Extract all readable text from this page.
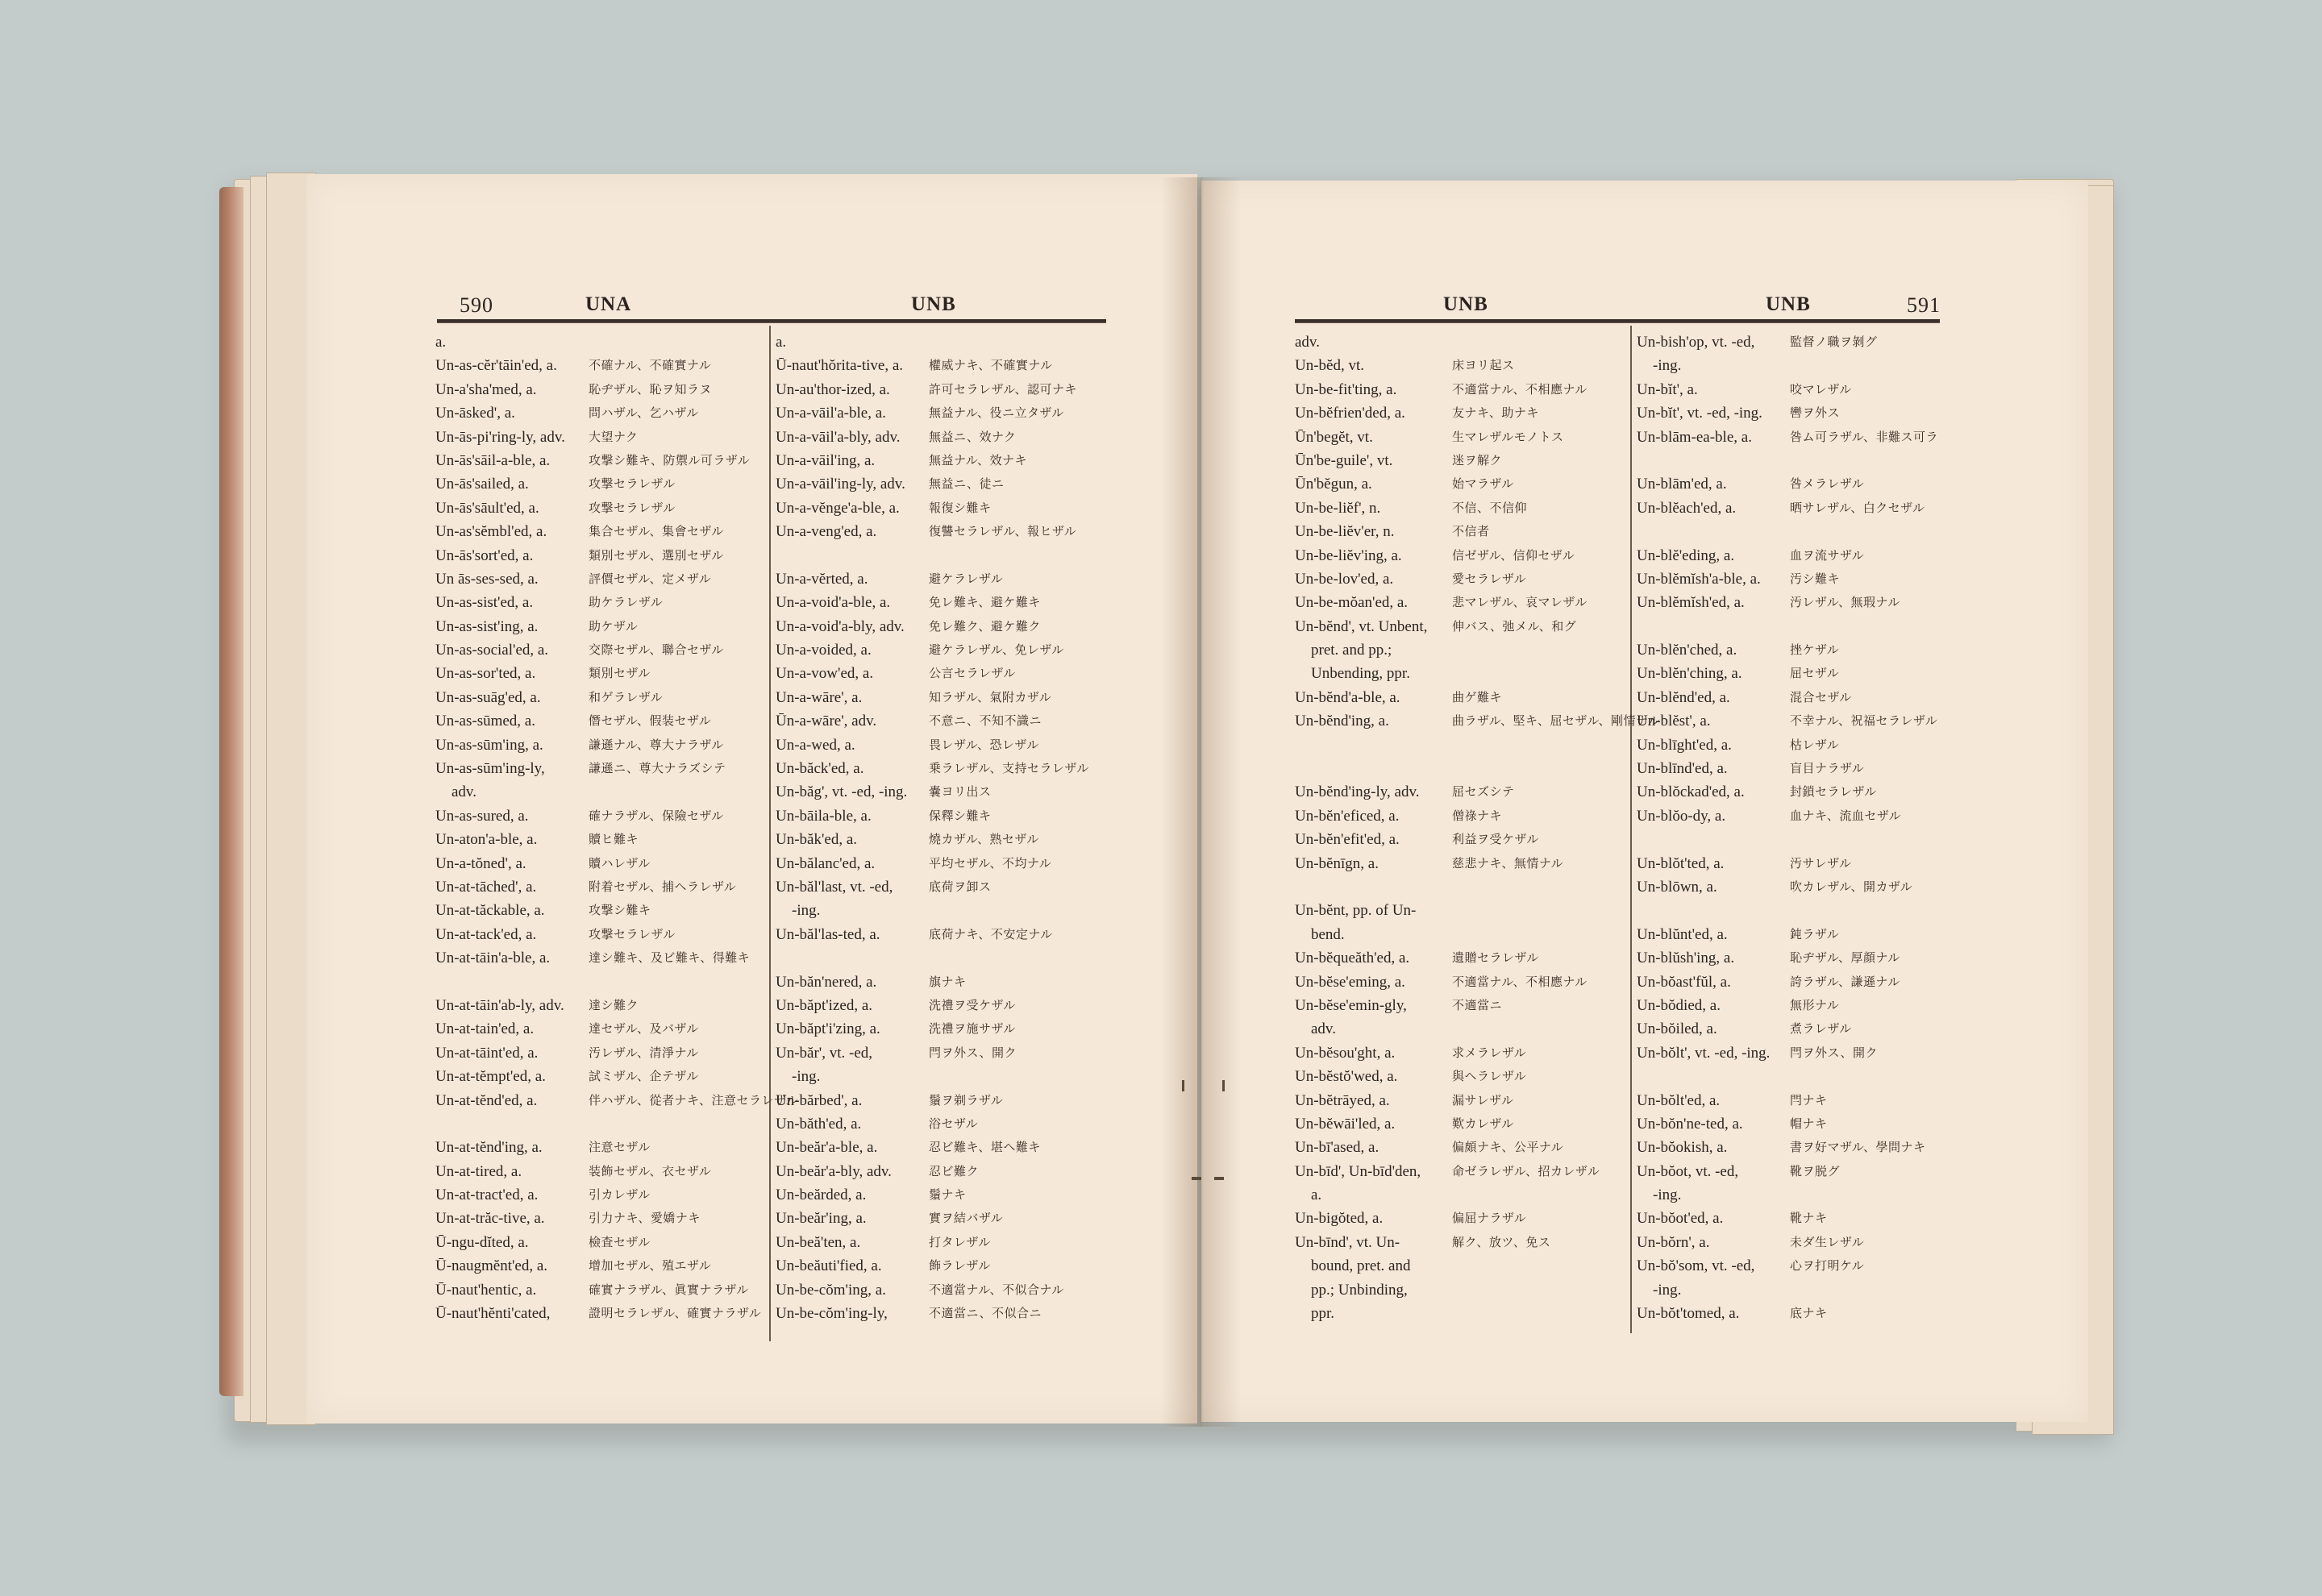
590	UNA	UNB	UNB	UNB	591
a.
Un-as-cĕr'tāin'ed, a.	不確ナル、不確實ナル
Un-a'sha'med, a.	恥ヂザル、恥ヲ知ラヌ
Un-āsked', a.	問ハザル、乞ハザル
Un-ās-pi'ring-ly, adv. 大望ナク
Un-ās'sāil-a-ble, a.	攻撃シ難キ、防禦ル可ラザル
Un-ās'sailed, a.	攻撃セラレザル
Un-ās'sāult'ed, a.	攻撃セラレザル
Un-as'sĕmbl'ed, a.	集合セザル、集會セザル
Un-ās'sort'ed, a.	類別セザル、選別セザル
Un ās-ses-sed, a.	評價セザル、定メザル
Un-as-sist'ed, a.	助ケラレザル
Un-as-sist'ing, a.	助ケザル
Un-as-social'ed, a.	交際セザル、聯合セザル
Un-as-sor'ted, a.	類別セザル
Un-as-suāg'ed, a.	和ゲラレザル
Un-as-sūmed, a.	僭セザル、假装セザル
Un-as-sūm'ing, a.	謙遜ナル、尊大ナラザル
Un-as-sūm'ing-ly,	謙遜ニ、尊大ナラズシテ
adv.
Un-as-sured, a.	確ナラザル、保險セザル
Un-aton'a-ble, a.	贖ヒ難キ
Un-a-tŏned', a.	贖ハレザル
Un-at-tāched', a.	附着セザル、捕ヘラレザル
Un-at-tăckable, a.	攻撃シ難キ
Un-at-tack'ed, a.	攻撃セラレザル
Un-at-tāin'a-ble, a.	達シ難キ、及ビ難キ、得難キ
Un-at-tāin'ab-ly, adv. 達シ難ク
Un-at-tain'ed, a.	達セザル、及バザル
Un-at-tāint'ed, a.	汚レザル、清淨ナル
Un-at-tĕmpt'ed, a.	試ミザル、企テザル
Un-at-tĕnd'ed, a.	伴ハザル、從者ナキ、注意セラレザル
Un-at-tĕnd'ing, a.	注意セザル
Un-at-tired, a.	装飾セザル、衣セザル
Un-at-tract'ed, a.	引カレザル
Un-at-trăc-tive, a.	引力ナキ、愛嬌ナキ
Ū-ngu-dĭted, a.	檢査セザル
Ū-naugmĕnt'ed, a.	增加セザル、殖エザル
Ū-naut'hentic, a.	確實ナラザル、眞實ナラザル
Ū-naut'hĕnti'cated,	證明セラレザル、確實ナラザル
a.
Ū-naut'hŏrita-tive, a. 權威ナキ、不確實ナル
Un-au'thor-ized, a.	許可セラレザル、認可ナキ
Un-a-vāil'a-ble, a.	無益ナル、役ニ立タザル
Un-a-vāil'a-bly, adv. 無益ニ、效ナク
Un-a-vāil'ing, a.	無益ナル、效ナキ
Un-a-vāil'ing-ly, adv. 無益ニ、徒ニ
Un-a-vĕnge'a-ble, a. 報復シ難キ
Un-a-veng'ed, a.	復讐セラレザル、報ヒザル
Un-a-vĕrted, a.	避ケラレザル
Un-a-void'a-ble, a.	免レ難キ、避ケ難キ
Un-a-void'a-bly, adv. 免レ難ク、避ケ難ク
Un-a-voided, a.	避ケラレザル、免レザル
Un-a-vow'ed, a.	公言セラレザル
Un-a-wāre', a.	知ラザル、氣附カザル
Ūn-a-wāre', adv.	不意ニ、不知不識ニ
Un-a-wed, a.	畏レザル、恐レザル
Un-băck'ed, a.	乗ラレザル、支持セラレザル
Un-băg', vt. -ed, -ing. 嚢ヨリ出ス
Un-bāila-ble, a.	保釋シ難キ
Un-băk'ed, a.	燒カザル、熟セザル
Un-bălanc'ed, a.	平均セザル、不均ナル
Un-băl'last, vt. -ed,	底荷ヲ卸ス
-ing.
Un-băl'las-ted, a.	底荷ナキ、不安定ナル
Un-băn'nered, a.	旗ナキ
Un-băpt'ized, a.	洗禮ヲ受ケザル
Un-băpt'i'zing, a.	洗禮ヲ施サザル
Un-băr', vt. -ed,	閂ヲ外ス、開ク
-ing.
Un-bărbed', a.	鬚ヲ剃ラザル
Un-băth'ed, a.	浴セザル
Un-beăr'a-ble, a.	忍ビ難キ、堪ヘ難キ
Un-beăr'a-bly, adv.	忍ビ難ク
Un-beărded, a.	鬚ナキ
Un-beăr'ing, a.	實ヲ結バザル
Un-beă'ten, a.	打タレザル
Un-beăuti'fied, a.	飾ラレザル
Un-be-cŏm'ing, a.	不適當ナル、不似合ナル
Un-be-cŏm'ing-ly,	不適當ニ、不似合ニ
adv.
Un-bĕd, vt.	床ヨリ起ス
Un-be-fit'ting, a.	不適當ナル、不相應ナル
Un-bĕfrien'ded, a.	友ナキ、助ナキ
Ūn'begĕt, vt.	生マレザルモノトス
Ūn'be-guile', vt.	迷ヲ解ク
Ūn'bĕgun, a.	始マラザル
Un-be-liĕf', n.	不信、不信仰
Un-be-liĕv'er, n.	不信者
Un-be-liĕv'ing, a.	信ゼザル、信仰セザル
Un-be-lov'ed, a.	愛セラレザル
Un-be-mŏan'ed, a.	悲マレザル、哀マレザル
Un-bĕnd', vt. Unbent, 伸バス、弛メル、和グ
pret. and pp.;
Unbending, ppr.
Un-bĕnd'a-ble, a.	曲ゲ難キ
Un-bĕnd'ing, a.	曲ラザル、堅キ、屈セザル、剛情ナル
Un-bĕnd'ing-ly, adv.	屈セズシテ
Un-bĕn'eficed, a.	僧祿ナキ
Un-bĕn'efit'ed, a.	利益ヲ受ケザル
Un-bĕnīgn, a.	慈悲ナキ、無情ナル
Un-bĕnt, pp. of Un-
bend.
Un-bĕqueăth'ed, a.	遺贈セラレザル
Un-bĕse'eming, a.	不適當ナル、不相應ナル
Un-bĕse'emin-gly,	不適當ニ
adv.
Un-bĕsou'ght, a.	求メラレザル
Un-bĕstŏ'wed, a.	與ヘラレザル
Un-bĕtrāyed, a.	漏サレザル
Un-bĕwāi'led, a.	歎カレザル
Un-bī'ased, a.	偏頗ナキ、公平ナル
Un-bīd', Un-bīd'den,	命ゼラレザル、招カレザル
a.
Un-bigŏted, a.	偏屈ナラザル
Un-bīnd', vt. Un-	解ク、放ツ、免ス
bound, pret. and
pp.; Unbinding,
ppr.
Un-bish'op, vt. -ed,	監督ノ職ヲ剝グ
-ing.
Un-bĭt', a.	咬マレザル
Un-bĭt', vt. -ed, -ing. 轡ヲ外ス
Un-blām-ea-ble, a.	咎ム可ラザル、非難ス可ラ
Un-blām'ed, a.	咎メラレザル
Un-blĕach'ed, a.	晒サレザル、白クセザル
Un-blĕ'eding, a.	血ヲ流サザル
Un-blĕmĭsh'a-ble, a. 汚シ難キ
Un-blĕmĭsh'ed, a.	汚レザル、無瑕ナル
Un-blĕn'ched, a.	挫ケザル
Un-blĕn'ching, a.	屈セザル
Un-blĕnd'ed, a.	混合セザル
Un-blĕst', a.	不幸ナル、祝福セラレザル
Un-blīght'ed, a.	枯レザル
Un-blīnd'ed, a.	盲目ナラザル
Un-blŏckad'ed, a.	封鎖セラレザル
Un-blŏo-dy, a.	血ナキ、流血セザル
Un-blŏt'ted, a.	汚サレザル
Un-blōwn, a.	吹カレザル、開カザル
Un-blŭnt'ed, a.	鈍ラザル
Un-blŭsh'ing, a.	恥ヂザル、厚顔ナル
Un-bŏast'fŭl, a.	誇ラザル、謙遜ナル
Un-bŏdied, a.	無形ナル
Un-bŏiled, a.	煮ラレザル
Un-bŏlt', vt. -ed, -ing. 閂ヲ外ス、開ク
Un-bŏlt'ed, a.	閂ナキ
Un-bŏn'ne-ted, a.	帽ナキ
Un-bŏokish, a.	書ヲ好マザル、學問ナキ
Un-bŏot, vt. -ed,	靴ヲ脱グ
-ing.
Un-bŏot'ed, a.	靴ナキ
Un-bŏrn', a.	未ダ生レザル
Un-bŏ'som, vt. -ed,	心ヲ打明ケル
-ing.
Un-bŏt'tomed, a.	底ナキ
